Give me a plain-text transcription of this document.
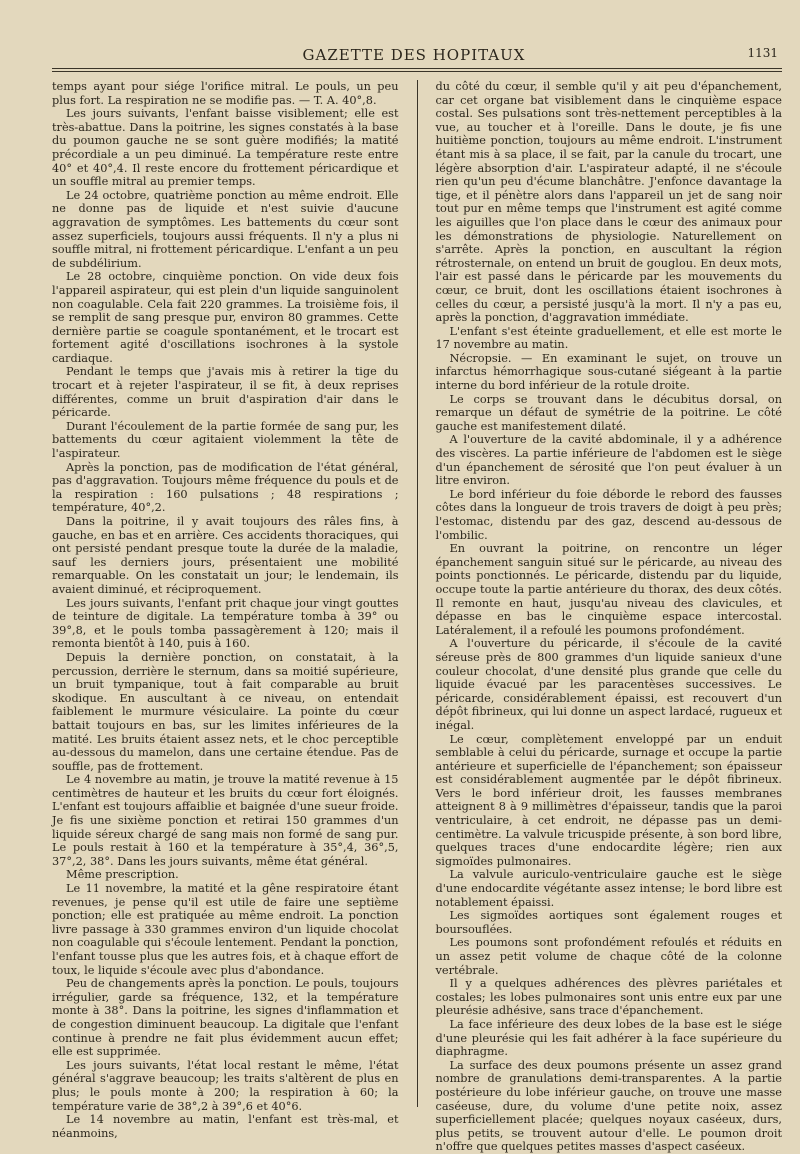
GAZETTE DES HOPITAUX	1131

temps ayant pour siége l'orifice mitral. Le pouls, un peu plus fort. La respiration ne se modifie pas. — T. A. 40°,8.

Les jours suivants, l'enfant baisse visiblement; elle est très-abattue. Dans la poitrine, les signes constatés à la base du poumon gauche ne se sont guère modifiés; la matité précordiale a un peu diminué. La température reste entre 40° et 40°,4. Il reste encore du frottement péricardique et un souffle mitral au premier temps.

Le 24 octobre, quatrième ponction au même endroit. Elle ne donne pas de liquide et n'est suivie d'aucune aggravation de symptômes. Les battements du cœur sont assez superficiels, toujours aussi fréquents. Il n'y a plus ni souffle mitral, ni frottement péricardique. L'enfant a un peu de subdélirium.

Le 28 octobre, cinquième ponction. On vide deux fois l'appareil aspirateur, qui est plein d'un liquide sanguinolent non coagulable. Cela fait 220 grammes. La troisième fois, il se remplit de sang presque pur, environ 80 grammes. Cette dernière partie se coagule spontanément, et le trocart est fortement agité d'oscillations isochrones à la systole cardiaque.

Pendant le temps que j'avais mis à retirer la tige du trocart et à rejeter l'aspirateur, il se fit, à deux reprises différentes, comme un bruit d'aspiration d'air dans le péricarde.

Durant l'écoulement de la partie formée de sang pur, les battements du cœur agitaient violemment la tête de l'aspirateur.

Après la ponction, pas de modification de l'état général, pas d'aggravation. Toujours même fréquence du pouls et de la respiration : 160 pulsations ; 48 respirations ; température, 40°,2.

Dans la poitrine, il y avait toujours des râles fins, à gauche, en bas et en arrière. Ces accidents thoraciques, qui ont persisté pendant presque toute la durée de la maladie, sauf les derniers jours, présentaient une mobilité remarquable. On les constatait un jour; le lendemain, ils avaient diminué, et réciproquement.

Les jours suivants, l'enfant prit chaque jour vingt gouttes de teinture de digitale. La température tomba à 39° ou 39°,8, et le pouls tomba passagèrement à 120; mais il remonta bientôt à 140, puis à 160.

Depuis la dernière ponction, on constatait, à la percussion, derrière le sternum, dans sa moitié supérieure, un bruit tympanique, tout à fait comparable au bruit skodique. En auscultant à ce niveau, on entendait faiblement le murmure vésiculaire. La pointe du cœur battait toujours en bas, sur les limites inférieures de la matité. Les bruits étaient assez nets, et le choc perceptible au-dessous du mamelon, dans une certaine étendue. Pas de souffle, pas de frottement.

Le 4 novembre au matin, je trouve la matité revenue à 15 centimètres de hauteur et les bruits du cœur fort éloignés. L'enfant est toujours affaiblie et baignée d'une sueur froide. Je fis une sixième ponction et retirai 150 grammes d'un liquide séreux chargé de sang mais non formé de sang pur. Le pouls restait à 160 et la température à 35°,4, 36°,5, 37°,2, 38°. Dans les jours suivants, même état général.

Même prescription.

Le 11 novembre, la matité et la gêne respiratoire étant revenues, je pense qu'il est utile de faire une septième ponction; elle est pratiquée au même endroit. La ponction livre passage à 330 grammes environ d'un liquide chocolat non coagulable qui s'écoule lentement. Pendant la ponction, l'enfant tousse plus que les autres fois, et à chaque effort de toux, le liquide s'écoule avec plus d'abondance.

Peu de changements après la ponction. Le pouls, toujours irrégulier, garde sa fréquence, 132, et la température monte à 38°. Dans la poitrine, les signes d'inflammation et de congestion diminuent beaucoup. La digitale que l'enfant continue à prendre ne fait plus évidemment aucun effet; elle est supprimée.

Les jours suivants, l'état local restant le même, l'état général s'aggrave beaucoup; les traits s'altèrent de plus en plus; le pouls monte à 200; la respiration à 60; la température varie de 38°,2 à 39°,6 et 40°6.

Le 14 novembre au matin, l'enfant est très-mal, et néanmoins,

du côté du cœur, il semble qu'il y ait peu d'épanchement, car cet organe bat visiblement dans le cinquième espace costal. Ses pulsations sont très-nettement perceptibles à la vue, au toucher et à l'oreille. Dans le doute, je fis une huitième ponction, toujours au même endroit. L'instrument étant mis à sa place, il se fait, par la canule du trocart, une légère absorption d'air. L'aspirateur adapté, il ne s'écoule rien qu'un peu d'écume blanchâtre. J'enfonce davantage la tige, et il pénètre alors dans l'appareil un jet de sang noir tout pur en même temps que l'instrument est agité comme les aiguilles que l'on place dans le cœur des animaux pour les démonstrations de physiologie. Naturellement on s'arrête. Après la ponction, en auscultant la région rétrosternale, on entend un bruit de gouglou. En deux mots, l'air est passé dans le péricarde par les mouvements du cœur, ce bruit, dont les oscillations étaient isochrones à celles du cœur, a persisté jusqu'à la mort. Il n'y a pas eu, après la ponction, d'aggravation immédiate.

L'enfant s'est éteinte graduellement, et elle est morte le 17 novembre au matin.

Nécropsie. — En examinant le sujet, on trouve un infarctus hémorrhagique sous-cutané siégeant à la partie interne du bord inférieur de la rotule droite.

Le corps se trouvant dans le décubitus dorsal, on remarque un défaut de symétrie de la poitrine. Le côté gauche est manifestement dilaté.

A l'ouverture de la cavité abdominale, il y a adhérence des viscères. La partie inférieure de l'abdomen est le siège d'un épanchement de sérosité que l'on peut évaluer à un litre environ.

Le bord inférieur du foie déborde le rebord des fausses côtes dans la longueur de trois travers de doigt à peu près; l'estomac, distendu par des gaz, descend au-dessous de l'ombilic.

En ouvrant la poitrine, on rencontre un léger épanchement sanguin situé sur le péricarde, au niveau des points ponctionnés. Le péricarde, distendu par du liquide, occupe toute la partie antérieure du thorax, des deux côtés. Il remonte en haut, jusqu'au niveau des clavicules, et dépasse en bas le cinquième espace intercostal. Latéralement, il a refoulé les poumons profondément.

A l'ouverture du péricarde, il s'écoule de la cavité séreuse près de 800 grammes d'un liquide sanieux d'une couleur chocolat, d'une densité plus grande que celle du liquide évacué par les paracentèses successives. Le péricarde, considérablement épaissi, est recouvert d'un dépôt fibrineux, qui lui donne un aspect lardacé, rugueux et inégal.

Le cœur, complètement enveloppé par un enduit semblable à celui du péricarde, surnage et occupe la partie antérieure et superficielle de l'épanchement; son épaisseur est considérablement augmentée par le dépôt fibrineux. Vers le bord inférieur droit, les fausses membranes atteignent 8 à 9 millimètres d'épaisseur, tandis que la paroi ventriculaire, à cet endroit, ne dépasse pas un demi-centimètre. La valvule tricuspide présente, à son bord libre, quelques traces d'une endocardite légère; rien aux sigmoïdes pulmonaires.

La valvule auriculo-ventriculaire gauche est le siège d'une endocardite végétante assez intense; le bord libre est notablement épaissi.

Les sigmoïdes aortiques sont également rouges et boursouflées.

Les poumons sont profondément refoulés et réduits en un assez petit volume de chaque côté de la colonne vertébrale.

Il y a quelques adhérences des plèvres pariétales et costales; les lobes pulmonaires sont unis entre eux par une pleurésie adhésive, sans trace d'épanchement.

La face inférieure des deux lobes de la base est le siége d'une pleurésie qui les fait adhérer à la face supérieure du diaphragme.

La surface des deux poumons présente un assez grand nombre de granulations demi-transparentes. A la partie postérieure du lobe inférieur gauche, on trouve une masse caséeuse, dure, du volume d'une petite noix, assez superficiellement placée; quelques noyaux caséeux, durs, plus petits, se trouvent autour d'elle. Le poumon droit n'offre que quelques petites masses d'aspect caséeux.
